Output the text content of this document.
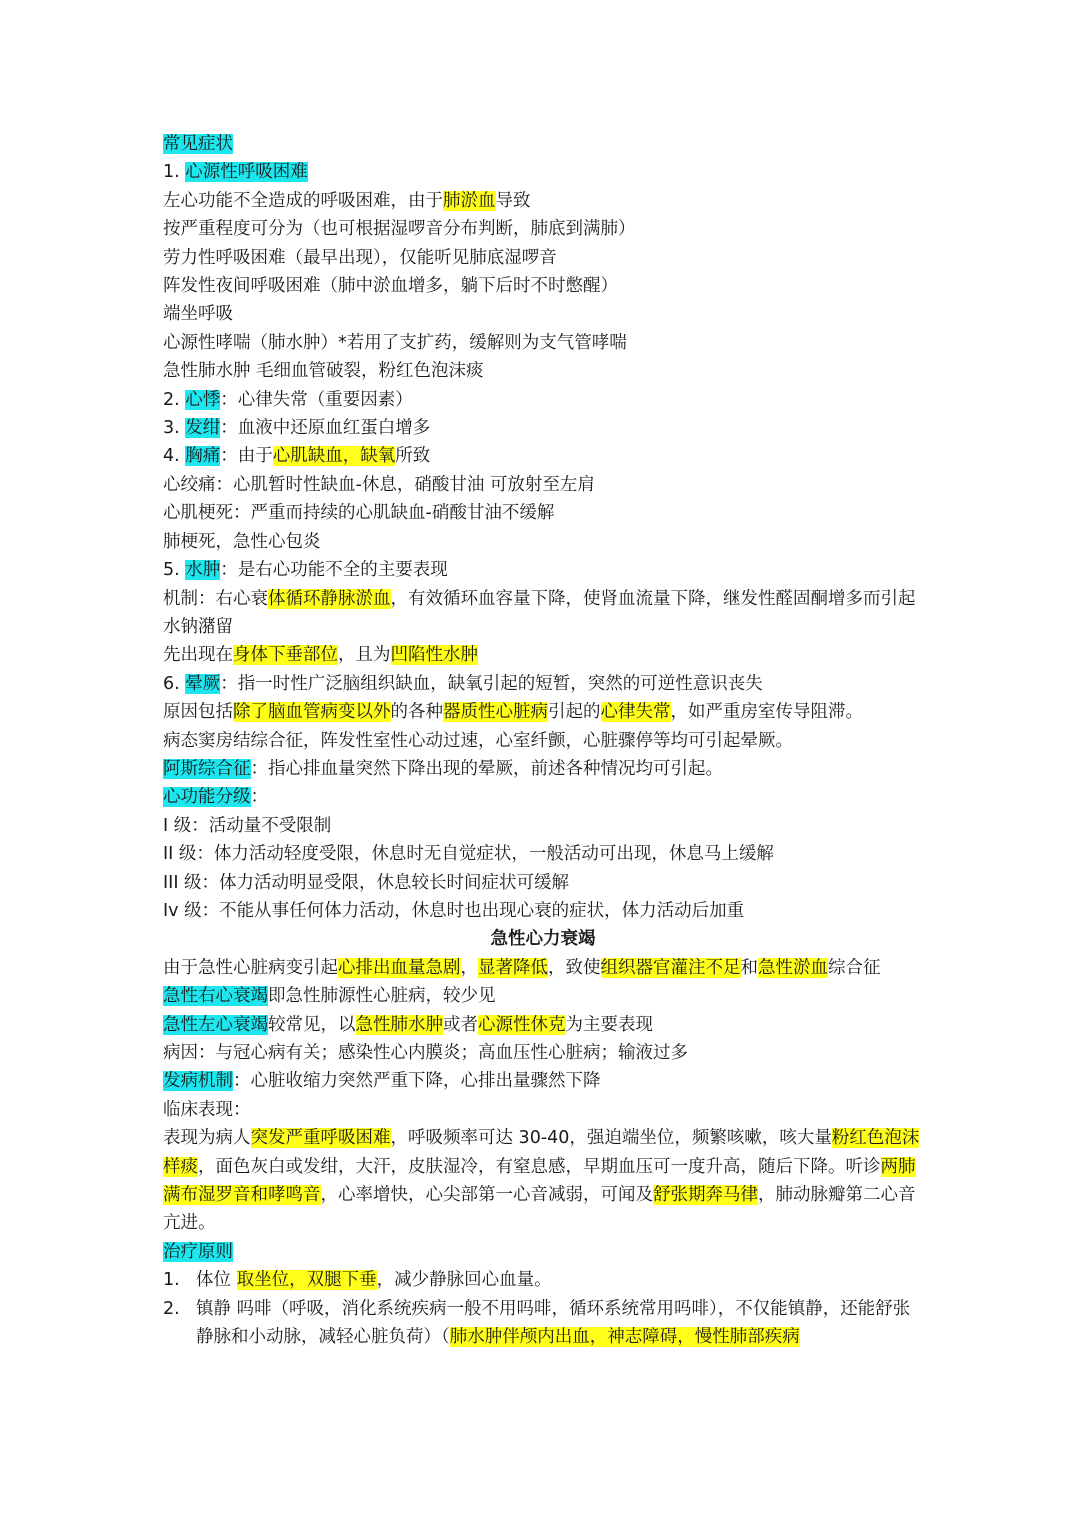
常见症状

1. 心源性呼吸困难

左心功能不全造成的呼吸困难，由于肺淤血导致

按严重程度可分为（也可根据湿啰音分布判断，肺底到满肺）

劳力性呼吸困难（最早出现），仅能听见肺底湿啰音

阵发性夜间呼吸困难（肺中淤血增多，躺下后时不时憋醒）

端坐呼吸

心源性哮喘（肺水肿）*若用了支扩药，缓解则为支气管哮喘

急性肺水肿 毛细血管破裂，粉红色泡沫痰

2. 心悸：心律失常（重要因素）

3. 发绀：血液中还原血红蛋白增多

4. 胸痛：由于心肌缺血，缺氧所致

心绞痛：心肌暂时性缺血-休息，硝酸甘油 可放射至左肩

心肌梗死：严重而持续的心肌缺血-硝酸甘油不缓解

肺梗死，急性心包炎

5. 水肿：是右心功能不全的主要表现

机制：右心衰体循环静脉淤血，有效循环血容量下降，使肾血流量下降，继发性醛固酮增多而引起水钠潴留

先出现在身体下垂部位，且为凹陷性水肿

6. 晕厥：指一时性广泛脑组织缺血，缺氧引起的短暂，突然的可逆性意识丧失

原因包括除了脑血管病变以外的各种器质性心脏病引起的心律失常，如严重房室传导阻滞。

病态窦房结综合征，阵发性室性心动过速，心室纤颤，心脏骤停等均可引起晕厥。

阿斯综合征：指心排血量突然下降出现的晕厥，前述各种情况均可引起。

心功能分级：

I 级：活动量不受限制

II 级：体力活动轻度受限，休息时无自觉症状，一般活动可出现，休息马上缓解

III 级：体力活动明显受限，休息较长时间症状可缓解

Iv 级：不能从事任何体力活动，休息时也出现心衰的症状，体力活动后加重

急性心力衰竭

由于急性心脏病变引起心排出血量急剧，显著降低，致使组织器官灌注不足和急性淤血综合征

急性右心衰竭即急性肺源性心脏病，较少见

急性左心衰竭较常见，以急性肺水肿或者心源性休克为主要表现

病因：与冠心病有关；感染性心内膜炎；高血压性心脏病；输液过多

发病机制：心脏收缩力突然严重下降，心排出量骤然下降

临床表现：

表现为病人突发严重呼吸困难，呼吸频率可达 30-40，强迫端坐位，频繁咳嗽，咳大量粉红色泡沫样痰，面色灰白或发绀，大汗，皮肤湿冷，有窒息感，早期血压可一度升高，随后下降。听诊两肺满布湿罗音和哮鸣音，心率增快，心尖部第一心音减弱，可闻及舒张期奔马律，肺动脉瓣第二心音亢进。

治疗原则

1. 体位 取坐位，双腿下垂，减少静脉回心血量。

2. 镇静 吗啡（呼吸，消化系统疾病一般不用吗啡，循环系统常用吗啡），不仅能镇静，还能舒张静脉和小动脉，减轻心脏负荷）（肺水肿伴颅内出血，神志障碍，慢性肺部疾病
